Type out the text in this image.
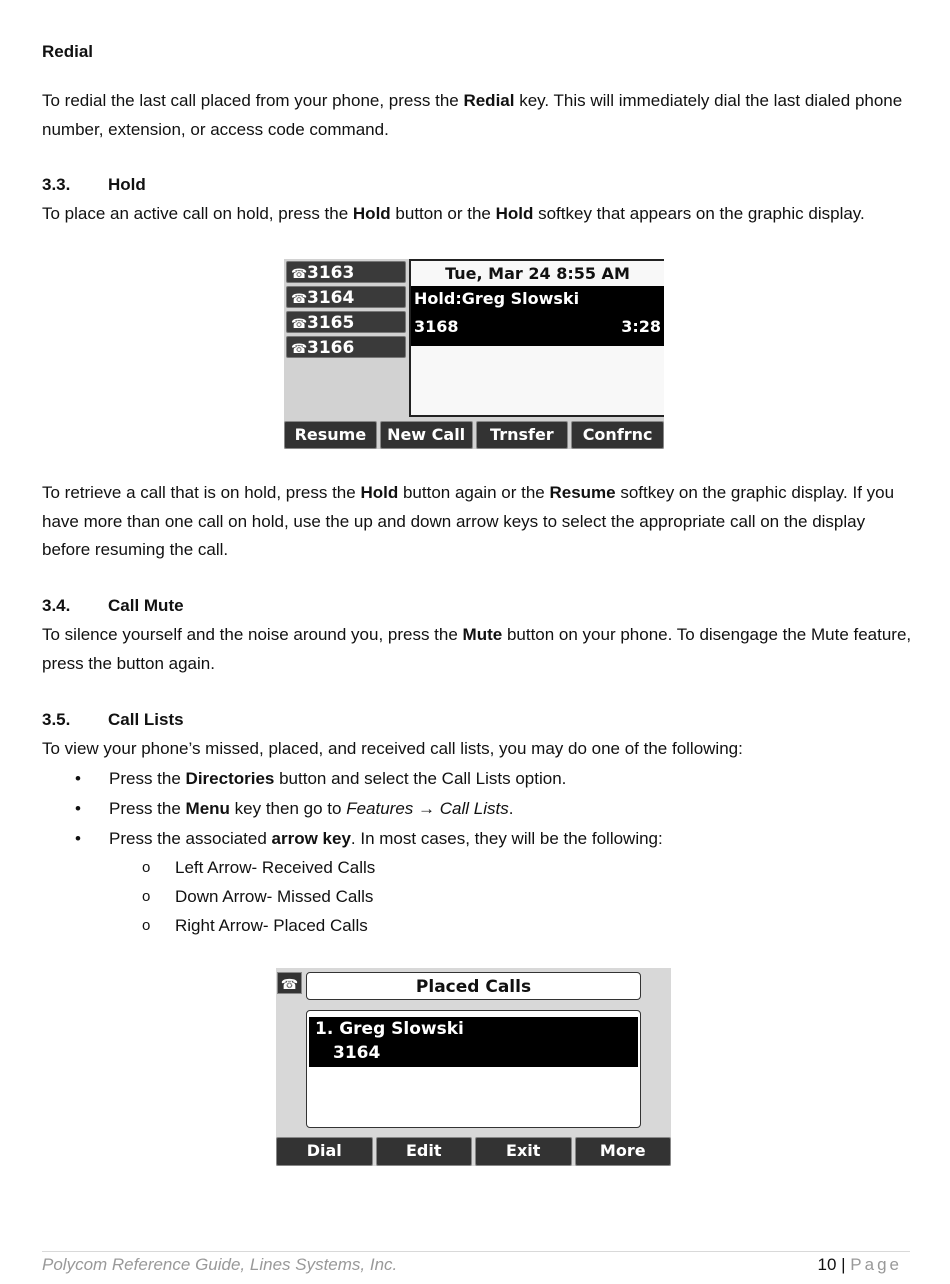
Redial

To redial the last call placed from your phone, press the Redial key. This will immediately dial the last dialed phone number, extension, or access code command.

3.3. Hold

To place an active call on hold, press the Hold button or the Hold softkey that appears on the graphic display.

☎3163
☎3164
☎3165
☎3166
Tue, Mar 24 8:55 AM
Hold:Greg Slowski
3168	3:28
Resume	New Call	Trnsfer	Confrnc

To retrieve a call that is on hold, press the Hold button again or the Resume softkey on the graphic display. If you have more than one call on hold, use the up and down arrow keys to select the appropriate call on the display before resuming the call.

3.4. Call Mute

To silence yourself and the noise around you, press the Mute button on your phone. To disengage the Mute feature, press the button again.

3.5. Call Lists

To view your phone’s missed, placed, and received call lists, you may do one of the following:

• Press the Directories button and select the Call Lists option.
• Press the Menu key then go to Features → Call Lists.
• Press the associated arrow key. In most cases, they will be the following:
o Left Arrow- Received Calls
o Down Arrow- Missed Calls
o Right Arrow- Placed Calls
☎	Placed Calls
1. Greg Slowski
3164
Dial	Edit	Exit	More
Polycom Reference Guide, Lines Systems, Inc.	10 | Page
